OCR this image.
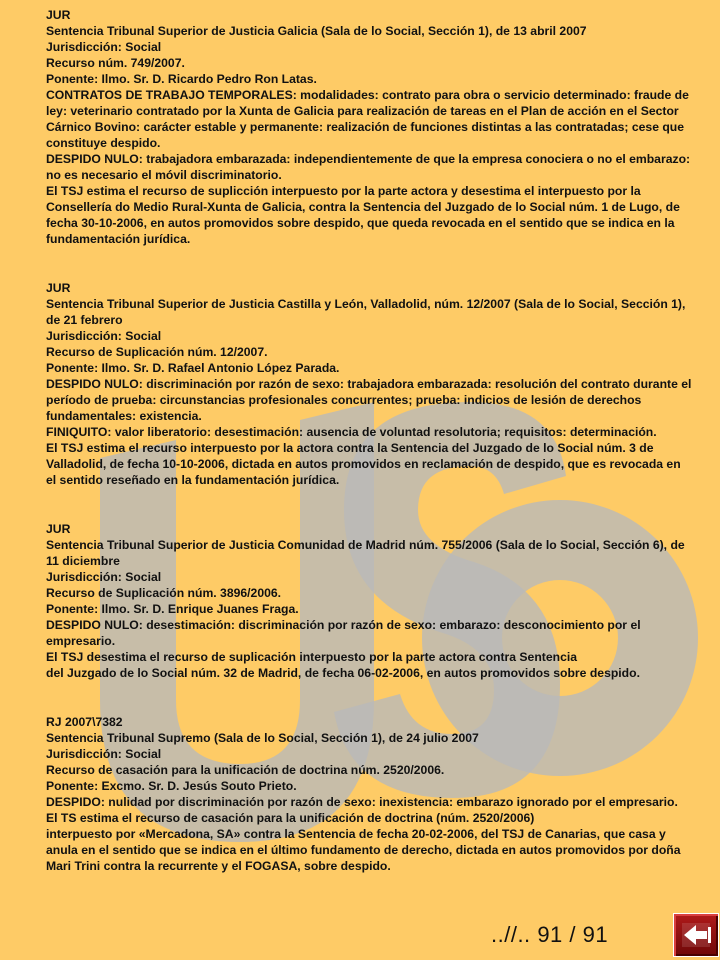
JUR

Sentencia Tribunal Superior de Justicia Galicia (Sala de lo Social, Sección 1), de 13 abril 2007

Jurisdicción: Social

Recurso núm. 749/2007.

Ponente: Ilmo. Sr. D. Ricardo Pedro Ron Latas.

CONTRATOS DE TRABAJO TEMPORALES: modalidades: contrato para obra o servicio determinado: fraude de ley: veterinario contratado por la Xunta de Galicia para realización de tareas en el Plan de acción en el Sector Cárnico Bovino: carácter estable y permanente: realización de funciones distintas a las contratadas; cese que constituye despido.

DESPIDO NULO: trabajadora embarazada: independientemente de que la empresa conociera o no el embarazo: no es necesario el móvil discriminatorio.

El TSJ estima el recurso de suplicción interpuesto por la parte actora y desestima el interpuesto por la Consellería do Medio Rural-Xunta de Galicia, contra la Sentencia del Juzgado de lo Social núm. 1 de Lugo, de fecha 30-10-2006, en autos promovidos sobre despido, que queda revocada en el sentido que se indica en la fundamentación jurídica.

JUR

Sentencia Tribunal Superior de Justicia Castilla y León, Valladolid, núm. 12/2007 (Sala de lo Social, Sección 1), de 21 febrero

Jurisdicción: Social

Recurso de Suplicación núm. 12/2007.

Ponente: Ilmo. Sr. D. Rafael Antonio López Parada.

DESPIDO NULO: discriminación por razón de sexo: trabajadora embarazada: resolución del contrato durante el período de prueba: circunstancias profesionales concurrentes; prueba: indicios de lesión de derechos fundamentales: existencia.

FINIQUITO: valor liberatorio: desestimación: ausencia de voluntad resolutoria; requisitos: determinación.

El TSJ estima el recurso interpuesto por la actora contra la Sentencia del Juzgado de lo Social núm. 3 de Valladolid, de fecha 10-10-2006, dictada en autos promovidos en reclamación de despido, que es revocada en el sentido reseñado en la fundamentación jurídica.

JUR

Sentencia Tribunal Superior de Justicia Comunidad de Madrid núm. 755/2006 (Sala de lo Social, Sección 6), de 11 diciembre

Jurisdicción: Social

Recurso de Suplicación núm. 3896/2006.

Ponente: Ilmo. Sr. D. Enrique Juanes Fraga.

DESPIDO NULO: desestimación: discriminación por razón de sexo: embarazo: desconocimiento por el empresario.

El TSJ desestima el recurso de suplicación interpuesto por la parte actora contra Sentencia

del Juzgado de lo Social núm. 32 de Madrid, de fecha 06-02-2006, en autos promovidos sobre despido.

RJ 2007\7382

Sentencia Tribunal Supremo (Sala de lo Social, Sección 1), de 24 julio 2007

Jurisdicción: Social

Recurso de casación para la unificación de doctrina núm. 2520/2006.

Ponente: Excmo. Sr. D. Jesús Souto Prieto.

DESPIDO: nulidad por discriminación por razón de sexo: inexistencia: embarazo ignorado por el empresario.

El TS estima el recurso de casación para la unificación de doctrina (núm. 2520/2006)

interpuesto por «Mercadona, SA» contra la Sentencia de fecha 20-02-2006, del TSJ de Canarias, que casa y anula en el sentido que se indica en el último fundamento de derecho, dictada en autos promovidos por doña Mari Trini contra la recurrente y el FOGASA, sobre despido.

..//.. 91 / 91
